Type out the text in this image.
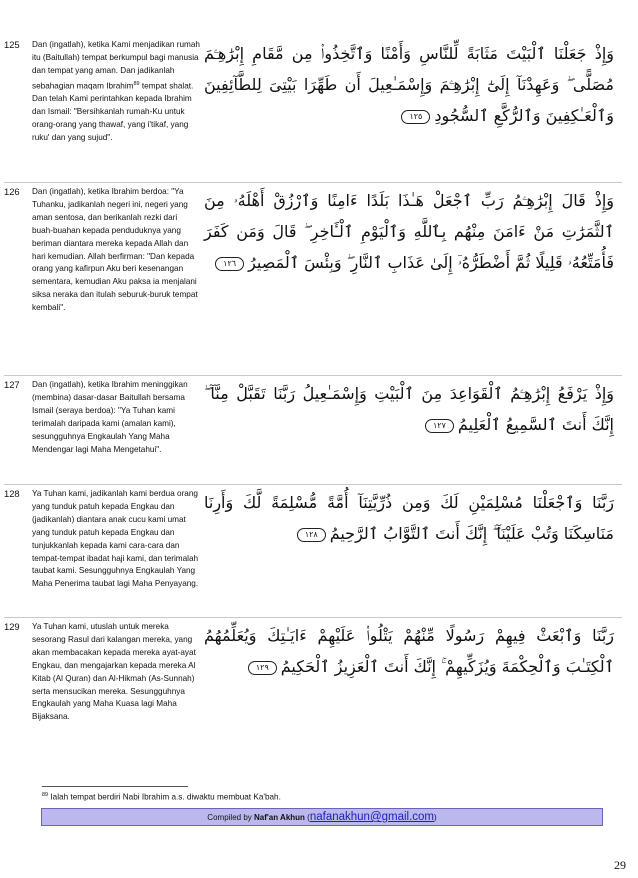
125	Dan (ingatlah), ketika Kami menjadikan rumah itu (Baitullah) tempat berkumpul bagi manusia dan tempat yang aman. Dan jadikanlah sebahagian maqam Ibrahim$^{89}$ tempat shalat. Dan telah Kami perintahkan kepada Ibrahim dan Ismail: "Bersihkanlah rumah-Ku untuk orang-orang yang thawaf, yang i'tikaf, yang ruku' dan yang sujud".
وَإِذْ جَعَلْنَا ٱلْبَيْتَ مَثَابَةً لِّلنَّاسِ وَأَمْنًا وَٱتَّخِذُوا۟ مِن مَّقَامِ إِبْرَٰهِـۧمَ مُصَلًّى ۖ وَعَهِدْنَآ إِلَىٰٓ إِبْرَٰهِـۧمَ وَإِسْمَـٰعِيلَ أَن طَهِّرَا بَيْتِىَ لِلطَّآئِفِينَ وَٱلْعَـٰكِفِينَ وَٱلرُّكَّعِ ٱلسُّجُودِ١٢٥
126	Dan (ingatlah), ketika Ibrahim berdoa: "Ya Tuhanku, jadikanlah negeri ini, negeri yang aman sentosa, dan berikanlah rezki dari buah-buahan kepada penduduknya yang beriman diantara mereka kepada Allah dan hari kemudian. Allah berfirman: "Dan kepada orang yang kafirpun Aku beri kesenangan sementara, kemudian Aku paksa ia menjalani siksa neraka dan itulah seburuk-buruk tempat kembali".
وَإِذْ قَالَ إِبْرَٰهِـۧمُ رَبِّ ٱجْعَلْ هَـٰذَا بَلَدًا ءَامِنًا وَٱرْزُقْ أَهْلَهُۥ مِنَ ٱلثَّمَرَٰتِ مَنْ ءَامَنَ مِنْهُم بِٱللَّهِ وَٱلْيَوْمِ ٱلْـَٔاخِرِ ۖ قَالَ وَمَن كَفَرَ فَأُمَتِّعُهُۥ قَلِيلًا ثُمَّ أَضْطَرُّهُۥٓ إِلَىٰ عَذَابِ ٱلنَّارِ ۖ وَبِئْسَ ٱلْمَصِيرُ١٢٦
127	Dan (ingatlah), ketika Ibrahim meninggikan (membina) dasar-dasar Baitullah bersama Ismail (seraya berdoa): "Ya Tuhan kami terimalah daripada kami (amalan kami), sesungguhnya Engkaulah Yang Maha Mendengar lagi Maha Mengetahui".
وَإِذْ يَرْفَعُ إِبْرَٰهِـۧمُ ٱلْقَوَاعِدَ مِنَ ٱلْبَيْتِ وَإِسْمَـٰعِيلُ رَبَّنَا تَقَبَّلْ مِنَّآ ۖ إِنَّكَ أَنتَ ٱلسَّمِيعُ ٱلْعَلِيمُ١٢٧
128	Ya Tuhan kami, jadikanlah kami berdua orang yang tunduk patuh kepada Engkau dan (jadikanlah) diantara anak cucu kami umat yang tunduk patuh kepada Engkau dan tunjukkanlah kepada kami cara-cara dan tempat-tempat ibadat haji kami, dan terimalah taubat kami. Sesungguhnya Engkaulah Yang Maha Penerima taubat lagi Maha Penyayang.
رَبَّنَا وَٱجْعَلْنَا مُسْلِمَيْنِ لَكَ وَمِن ذُرِّيَّتِنَآ أُمَّةً مُّسْلِمَةً لَّكَ وَأَرِنَا مَنَاسِكَنَا وَتُبْ عَلَيْنَآ ۖ إِنَّكَ أَنتَ ٱلتَّوَّابُ ٱلرَّحِيمُ١٢٨
129	Ya Tuhan kami, utuslah untuk mereka sesorang Rasul dari kalangan mereka, yang akan membacakan kepada mereka ayat-ayat Engkau, dan mengajarkan kepada mereka Al Kitab (Al Quran) dan Al-Hikmah (As-Sunnah) serta mensucikan mereka. Sesungguhnya Engkaulah yang Maha Kuasa lagi Maha Bijaksana.
رَبَّنَا وَٱبْعَثْ فِيهِمْ رَسُولًا مِّنْهُمْ يَتْلُوا۟ عَلَيْهِمْ ءَايَـٰتِكَ وَيُعَلِّمُهُمُ ٱلْكِتَـٰبَ وَٱلْحِكْمَةَ وَيُزَكِّيهِمْ ۚ إِنَّكَ أَنتَ ٱلْعَزِيزُ ٱلْحَكِيمُ١٢٩
$^{89}$ Ialah tempat berdiri Nabi Ibrahim a.s. diwaktu membuat Ka'bah.
Compiled by Naf'an Akhun (nafanakhun@gmail.com)
29
